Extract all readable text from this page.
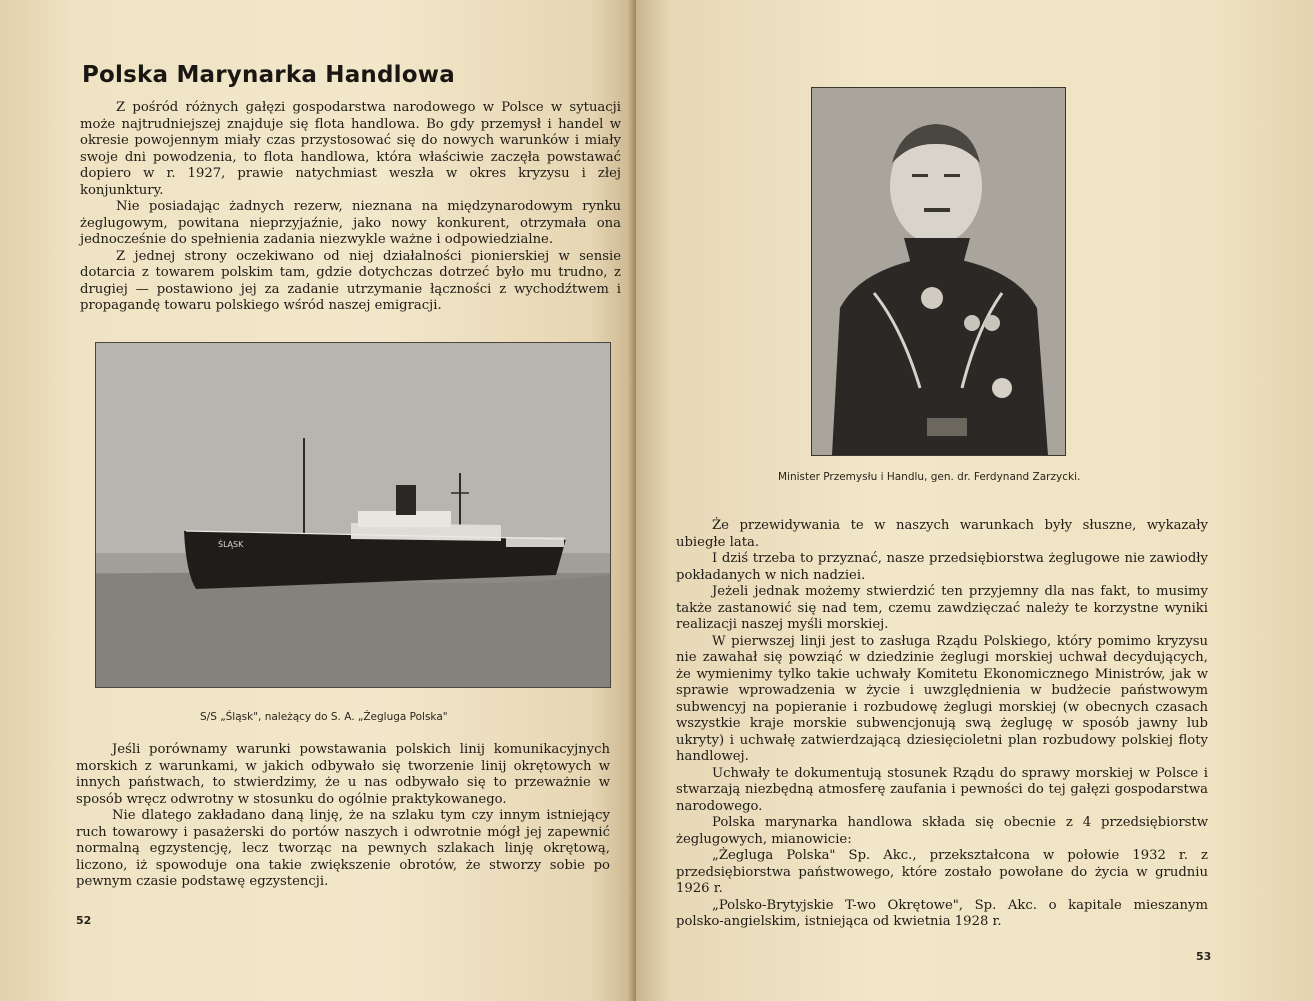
Polska Marynarka Handlowa

Z pośród różnych gałęzi gospodarstwa narodowego w Polsce w sytuacji może najtrudniejszej znajduje się flota handlowa. Bo gdy przemysł i handel w okresie powojennym miały czas przystosować się do nowych warunków i miały swoje dni powodzenia, to flota handlowa, która właściwie zaczęła powstawać dopiero w r. 1927, prawie natychmiast weszła w okres kryzysu i złej konjunktury.

Nie posiadając żadnych rezerw, nieznana na międzynarodowym rynku żeglugowym, powitana nieprzyjaźnie, jako nowy konkurent, otrzymała ona jednocześnie do spełnienia zadania niezwykle ważne i odpowiedzialne.

Z jednej strony oczekiwano od niej działalności pionierskiej w sensie dotarcia z towarem polskim tam, gdzie dotychczas dotrzeć było mu trudno, z drugiej — postawiono jej za zadanie utrzymanie łączności z wychodźtwem i propagandę towaru polskiego wśród naszej emigracji.

ŚLĄSK
S/S „Śląsk", należący do S. A. „Żegluga Polska"

Jeśli porównamy warunki powstawania polskich linij komunikacyjnych morskich z warunkami, w jakich odbywało się tworzenie linij okrętowych w innych państwach, to stwierdzimy, że u nas odbywało się to przeważnie w sposób wręcz odwrotny w stosunku do ogólnie praktykowanego.

Nie dlatego zakładano daną linję, że na szlaku tym czy innym istniejący ruch towarowy i pasażerski do portów naszych i odwrotnie mógł jej zapewnić normalną egzystencję, lecz tworząc na pewnych szlakach linję okrętową, liczono, iż spowoduje ona takie zwiększenie obrotów, że stworzy sobie po pewnym czasie podstawę egzystencji.

52
Minister Przemysłu i Handlu, gen. dr. Ferdynand Zarzycki.

Że przewidywania te w naszych warunkach były słuszne, wykazały ubiegłe lata.

I dziś trzeba to przyznać, nasze przedsiębiorstwa żeglugowe nie zawiodły pokładanych w nich nadziei.

Jeżeli jednak możemy stwierdzić ten przyjemny dla nas fakt, to musimy także zastanowić się nad tem, czemu zawdzięczać należy te korzystne wyniki realizacji naszej myśli morskiej.

W pierwszej linji jest to zasługa Rządu Polskiego, który pomimo kryzysu nie zawahał się powziąć w dziedzinie żeglugi morskiej uchwał decydujących, że wymienimy tylko takie uchwały Komitetu Ekonomicznego Ministrów, jak w sprawie wprowadzenia w życie i uwzględnienia w budżecie państwowym subwencyj na popieranie i rozbudowę żeglugi morskiej (w obecnych czasach wszystkie kraje morskie subwencjonują swą żeglugę w sposób jawny lub ukryty) i uchwałę zatwierdzającą dziesięcioletni plan rozbudowy polskiej floty handlowej.

Uchwały te dokumentują stosunek Rządu do sprawy morskiej w Polsce i stwarzają niezbędną atmosferę zaufania i pewności do tej gałęzi gospodarstwa narodowego.

Polska marynarka handlowa składa się obecnie z 4 przedsiębiorstw żeglugowych, mianowicie:

„Żegluga Polska" Sp. Akc., przekształcona w połowie 1932 r. z przedsiębiorstwa państwowego, które zostało powołane do życia w grudniu 1926 r.

„Polsko-Brytyjskie T-wo Okrętowe", Sp. Akc. o kapitale mieszanym polsko-angielskim, istniejąca od kwietnia 1928 r.

53
